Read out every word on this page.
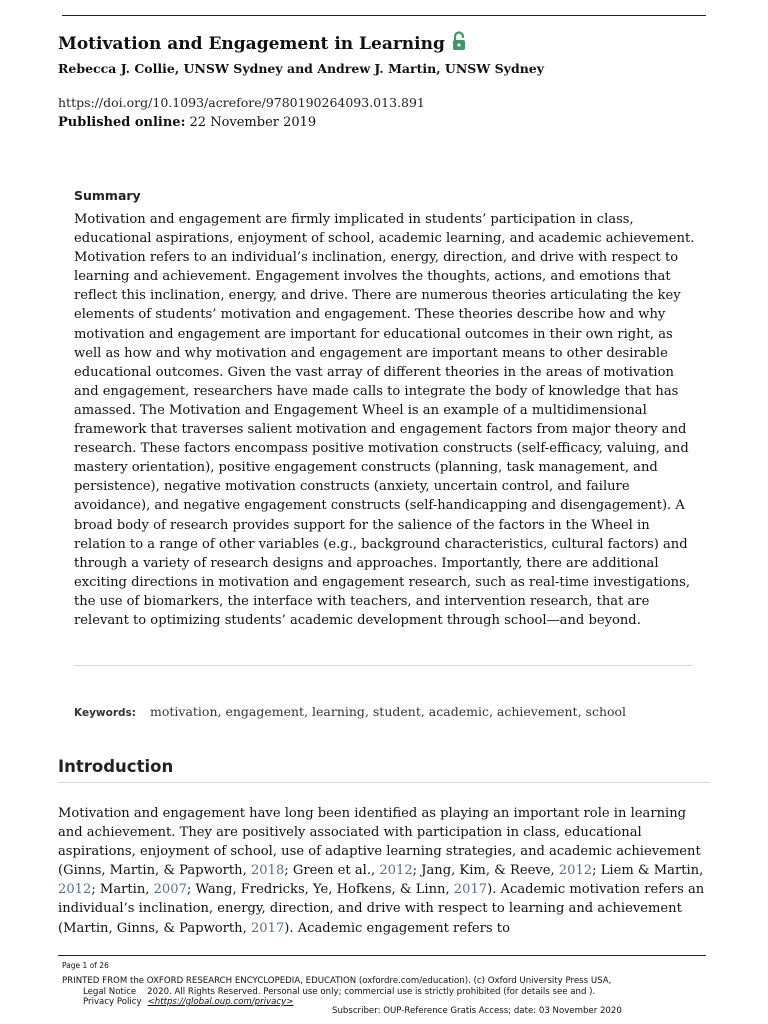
Motivation and Engagement in Learning
Rebecca J. Collie, UNSW Sydney and Andrew J. Martin, UNSW Sydney
https://doi.org/10.1093/acrefore/9780190264093.013.891
Published online: 22 November 2019
Summary
Motivation and engagement are firmly implicated in students’ participation in class, educational aspirations, enjoyment of school, academic learning, and academic achievement. Motivation refers to an individual’s inclination, energy, direction, and drive with respect to learning and achievement. Engagement involves the thoughts, actions, and emotions that reflect this inclination, energy, and drive. There are numerous theories articulating the key elements of students’ motivation and engagement. These theories describe how and why motivation and engagement are important for educational outcomes in their own right, as well as how and why motivation and engagement are important means to other desirable educational outcomes. Given the vast array of different theories in the areas of motivation and engagement, researchers have made calls to integrate the body of knowledge that has amassed. The Motivation and Engagement Wheel is an example of a multidimensional framework that traverses salient motivation and engagement factors from major theory and research. These factors encompass positive motivation constructs (self-efficacy, valuing, and mastery orientation), positive engagement constructs (planning, task management, and persistence), negative motivation constructs (anxiety, uncertain control, and failure avoidance), and negative engagement constructs (self-handicapping and disengagement). A broad body of research provides support for the salience of the factors in the Wheel in relation to a range of other variables (e.g., background characteristics, cultural factors) and through a variety of research designs and approaches. Importantly, there are additional exciting directions in motivation and engagement research, such as real-time investigations, the use of biomarkers, the interface with teachers, and intervention research, that are relevant to optimizing students’ academic development through school—and beyond.
Keywords: motivation, engagement, learning, student, academic, achievement, school
Introduction
Motivation and engagement have long been identified as playing an important role in learning and achievement. They are positively associated with participation in class, educational aspirations, enjoyment of school, use of adaptive learning strategies, and academic achievement (Ginns, Martin, & Papworth, 2018; Green et al., 2012; Jang, Kim, & Reeve, 2012; Liem & Martin, 2012; Martin, 2007; Wang, Fredricks, Ye, Hofkens, & Linn, 2017). Academic motivation refers an individual’s inclination, energy, direction, and drive with respect to learning and achievement (Martin, Ginns, & Papworth, 2017). Academic engagement refers to
Page 1 of 26
PRINTED FROM the OXFORD RESEARCH ENCYCLOPEDIA, EDUCATION (oxfordre.com/education). (c) Oxford University Press USA,
Legal Notice 2020. All Rights Reserved. Personal use only; commercial use is strictly prohibited (for details see and ).
Privacy Policy <https://global.oup.com/privacy>
Subscriber: OUP-Reference Gratis Access; date: 03 November 2020
